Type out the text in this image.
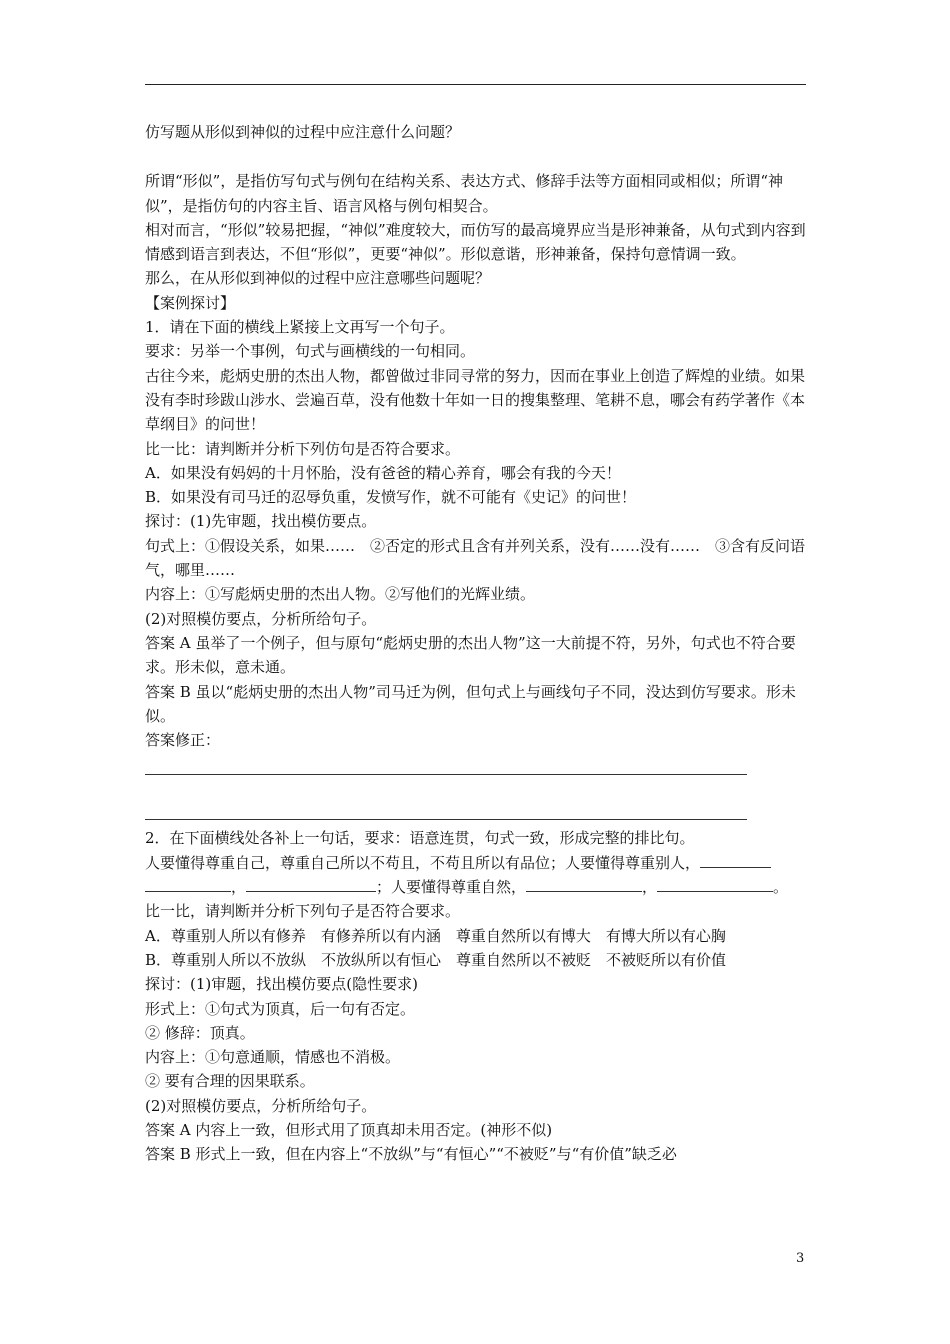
仿写题从形似到神似的过程中应注意什么问题？

所谓“形似”，是指仿写句式与例句在结构关系、表达方式、修辞手法等方面相同或相似；所谓“神似”，是指仿句的内容主旨、语言风格与例句相契合。

相对而言，“形似”较易把握，“神似”难度较大，而仿写的最高境界应当是形神兼备，从句式到内容到情感到语言到表达，不但“形似”，更要“神似”。形似意谐，形神兼备，保持句意情调一致。

那么，在从形似到神似的过程中应注意哪些问题呢？

【案例探讨】

1．请在下面的横线上紧接上文再写一个句子。

要求：另举一个事例，句式与画横线的一句相同。

古往今来，彪炳史册的杰出人物，都曾做过非同寻常的努力，因而在事业上创造了辉煌的业绩。如果没有李时珍跋山涉水、尝遍百草，没有他数十年如一日的搜集整理、笔耕不息，哪会有药学著作《本草纲目》的问世！

比一比：请判断并分析下列仿句是否符合要求。

A．如果没有妈妈的十月怀胎，没有爸爸的精心养育，哪会有我的今天！

B．如果没有司马迁的忍辱负重，发愤写作，就不可能有《史记》的问世！

探讨：(1)先审题，找出模仿要点。

句式上：①假设关系，如果……　②否定的形式且含有并列关系，没有……没有……　③含有反问语气，哪里……

内容上：①写彪炳史册的杰出人物。②写他们的光辉业绩。

(2)对照模仿要点，分析所给句子。

答案 A 虽举了一个例子，但与原句“彪炳史册的杰出人物”这一大前提不符，另外，句式也不符合要求。形未似，意未通。

答案 B 虽以“彪炳史册的杰出人物”司马迁为例，但句式上与画线句子不同，没达到仿写要求。形未似。

答案修正：

2．在下面横线处各补上一句话，要求：语意连贯，句式一致，形成完整的排比句。

人要懂得尊重自己，尊重自己所以不苟且，不苟且所以有品位；人要懂得尊重别人，
，	；人要懂得尊重自然，	，	。

比一比，请判断并分析下列句子是否符合要求。

A．尊重别人所以有修养　有修养所以有内涵　尊重自然所以有博大　有博大所以有心胸

B．尊重别人所以不放纵　不放纵所以有恒心　尊重自然所以不被贬　不被贬所以有价值

探讨：(1)审题，找出模仿要点(隐性要求)

形式上：①句式为顶真，后一句有否定。

② 修辞：顶真。

内容上：①句意通顺，情感也不消极。

② 要有合理的因果联系。

(2)对照模仿要点，分析所给句子。

答案 A 内容上一致，但形式用了顶真却未用否定。(神形不似)

答案 B 形式上一致，但在内容上“不放纵”与“有恒心”“不被贬”与“有价值”缺乏必

3
